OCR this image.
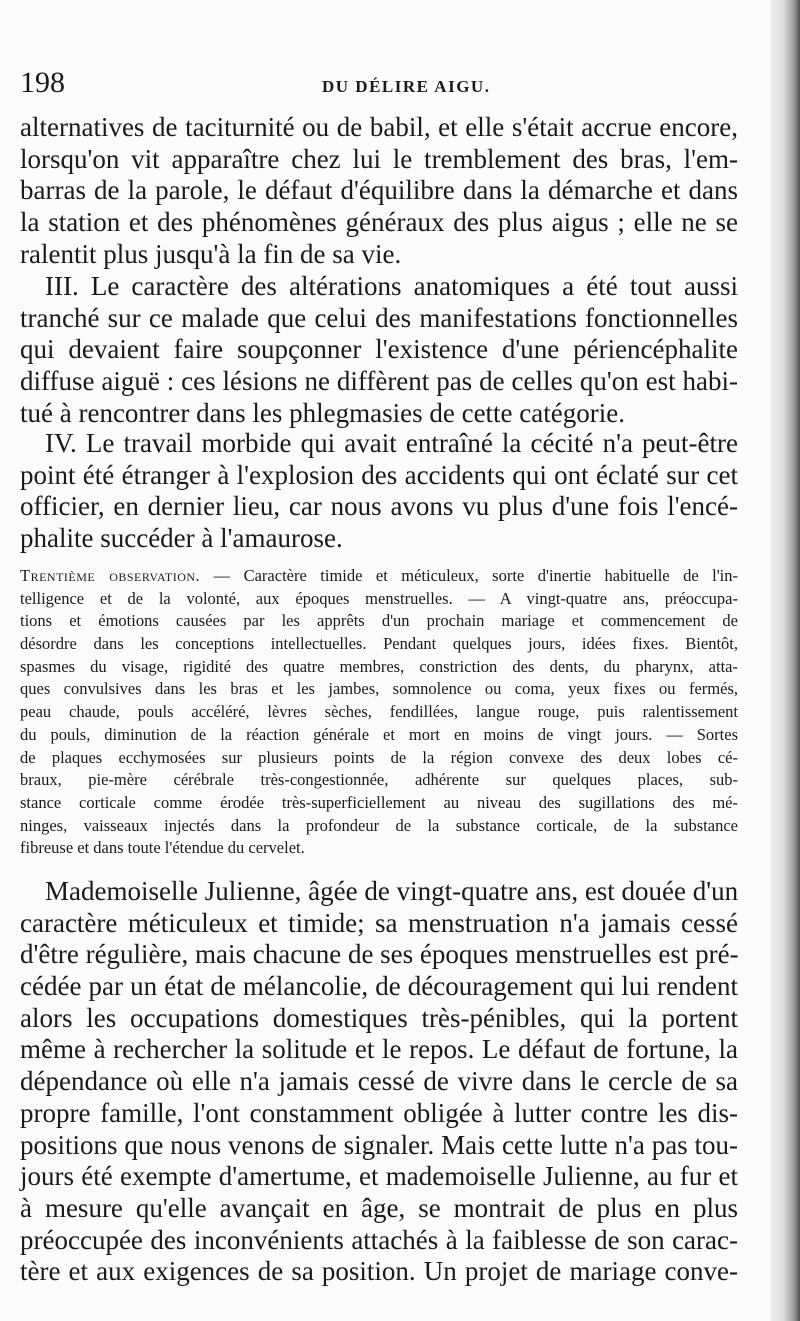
198	DU DÉLIRE AIGU.
alternatives de taciturnité ou de babil, et elle s'était accrue encore,
lorsqu'on vit apparaître chez lui le tremblement des bras, l'em-
barras de la parole, le défaut d'équilibre dans la démarche et dans
la station et des phénomènes généraux des plus aigus ; elle ne se
ralentit plus jusqu'à la fin de sa vie.
III. Le caractère des altérations anatomiques a été tout aussi
tranché sur ce malade que celui des manifestations fonctionnelles
qui devaient faire soupçonner l'existence d'une périencéphalite
diffuse aiguë : ces lésions ne diffèrent pas de celles qu'on est habi-
tué à rencontrer dans les phlegmasies de cette catégorie.
IV. Le travail morbide qui avait entraîné la cécité n'a peut-être
point été étranger à l'explosion des accidents qui ont éclaté sur cet
officier, en dernier lieu, car nous avons vu plus d'une fois l'encé-
phalite succéder à l'amaurose.
Trentième observation. — Caractère timide et méticuleux, sorte d'inertie habituelle de l'in-
telligence et de la volonté, aux époques menstruelles. — A vingt-quatre ans, préoccupa-
tions et émotions causées par les apprêts d'un prochain mariage et commencement de
désordre dans les conceptions intellectuelles. Pendant quelques jours, idées fixes. Bientôt,
spasmes du visage, rigidité des quatre membres, constriction des dents, du pharynx, atta-
ques convulsives dans les bras et les jambes, somnolence ou coma, yeux fixes ou fermés,
peau chaude, pouls accéléré, lèvres sèches, fendillées, langue rouge, puis ralentissement
du pouls, diminution de la réaction générale et mort en moins de vingt jours. — Sortes
de plaques ecchymosées sur plusieurs points de la région convexe des deux lobes cé-
braux, pie-mère cérébrale très-congestionnée, adhérente sur quelques places, sub-
stance corticale comme érodée très-superficiellement au niveau des sugillations des mé-
ninges, vaisseaux injectés dans la profondeur de la substance corticale, de la substance
fibreuse et dans toute l'étendue du cervelet.
Mademoiselle Julienne, âgée de vingt-quatre ans, est douée d'un
caractère méticuleux et timide; sa menstruation n'a jamais cessé
d'être régulière, mais chacune de ses époques menstruelles est pré-
cédée par un état de mélancolie, de découragement qui lui rendent
alors les occupations domestiques très-pénibles, qui la portent
même à rechercher la solitude et le repos. Le défaut de fortune, la
dépendance où elle n'a jamais cessé de vivre dans le cercle de sa
propre famille, l'ont constamment obligée à lutter contre les dis-
positions que nous venons de signaler. Mais cette lutte n'a pas tou-
jours été exempte d'amertume, et mademoiselle Julienne, au fur et
à mesure qu'elle avançait en âge, se montrait de plus en plus
préoccupée des inconvénients attachés à la faiblesse de son carac-
tère et aux exigences de sa position. Un projet de mariage conve-
